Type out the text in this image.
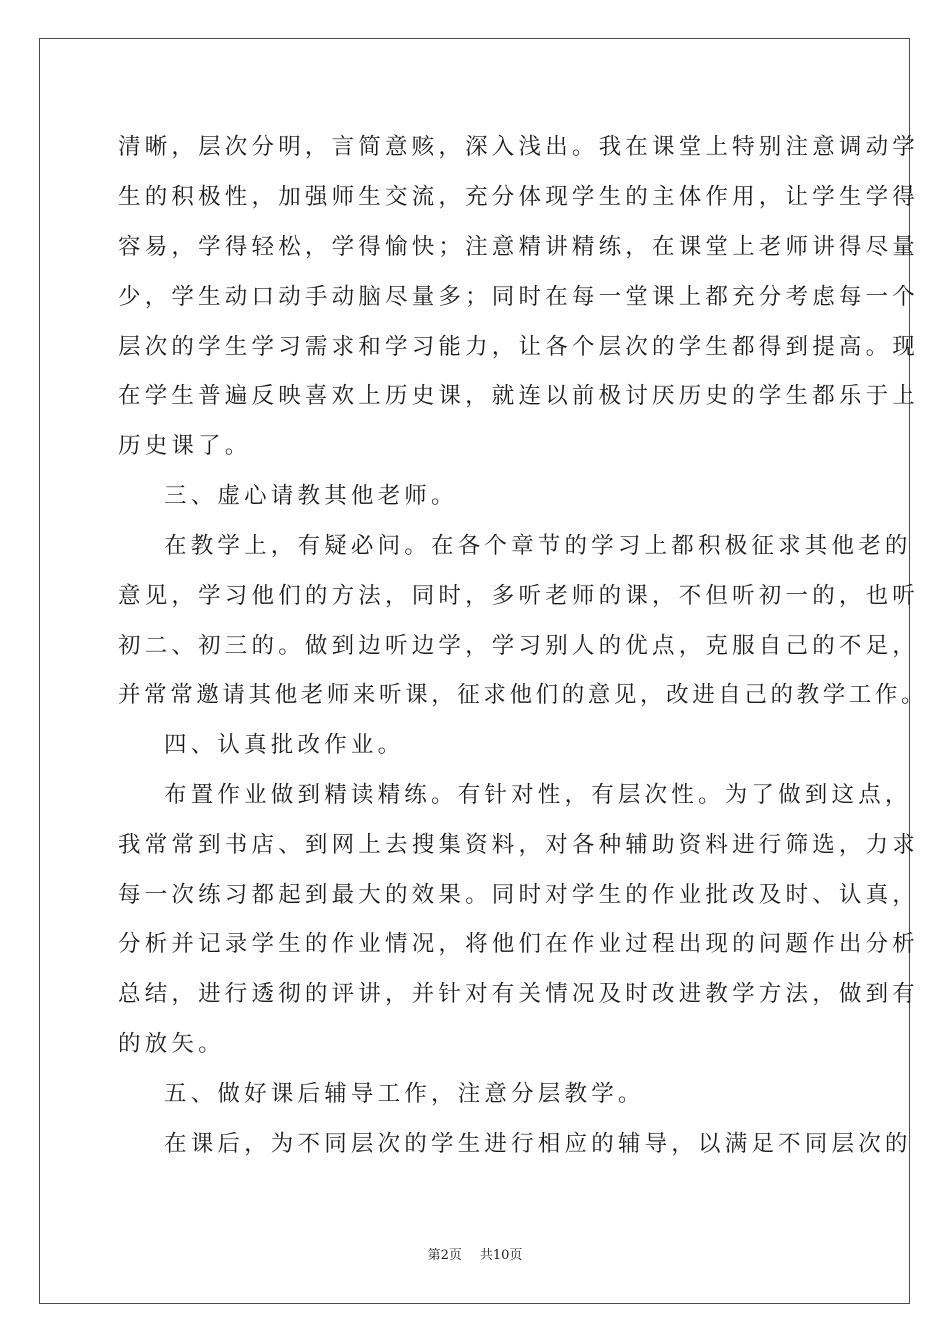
清晰，层次分明，言简意赅，深入浅出。我在课堂上特别注意调动学
生的积极性，加强师生交流，充分体现学生的主体作用，让学生学得
容易，学得轻松，学得愉快；注意精讲精练，在课堂上老师讲得尽量
少，学生动口动手动脑尽量多；同时在每一堂课上都充分考虑每一个
层次的学生学习需求和学习能力，让各个层次的学生都得到提高。现
在学生普遍反映喜欢上历史课，就连以前极讨厌历史的学生都乐于上
历史课了。
三、虚心请教其他老师。
在教学上，有疑必问。在各个章节的学习上都积极征求其他老的
意见，学习他们的方法，同时，多听老师的课，不但听初一的，也听
初二、初三的。做到边听边学，学习别人的优点，克服自己的不足，
并常常邀请其他老师来听课，征求他们的意见，改进自己的教学工作。
四、认真批改作业。
布置作业做到精读精练。有针对性，有层次性。为了做到这点，
我常常到书店、到网上去搜集资料，对各种辅助资料进行筛选，力求
每一次练习都起到最大的效果。同时对学生的作业批改及时、认真，
分析并记录学生的作业情况，将他们在作业过程出现的问题作出分析
总结，进行透彻的评讲，并针对有关情况及时改进教学方法，做到有
的放矢。
五、做好课后辅导工作，注意分层教学。
在课后，为不同层次的学生进行相应的辅导，以满足不同层次的
第2页 共10页
